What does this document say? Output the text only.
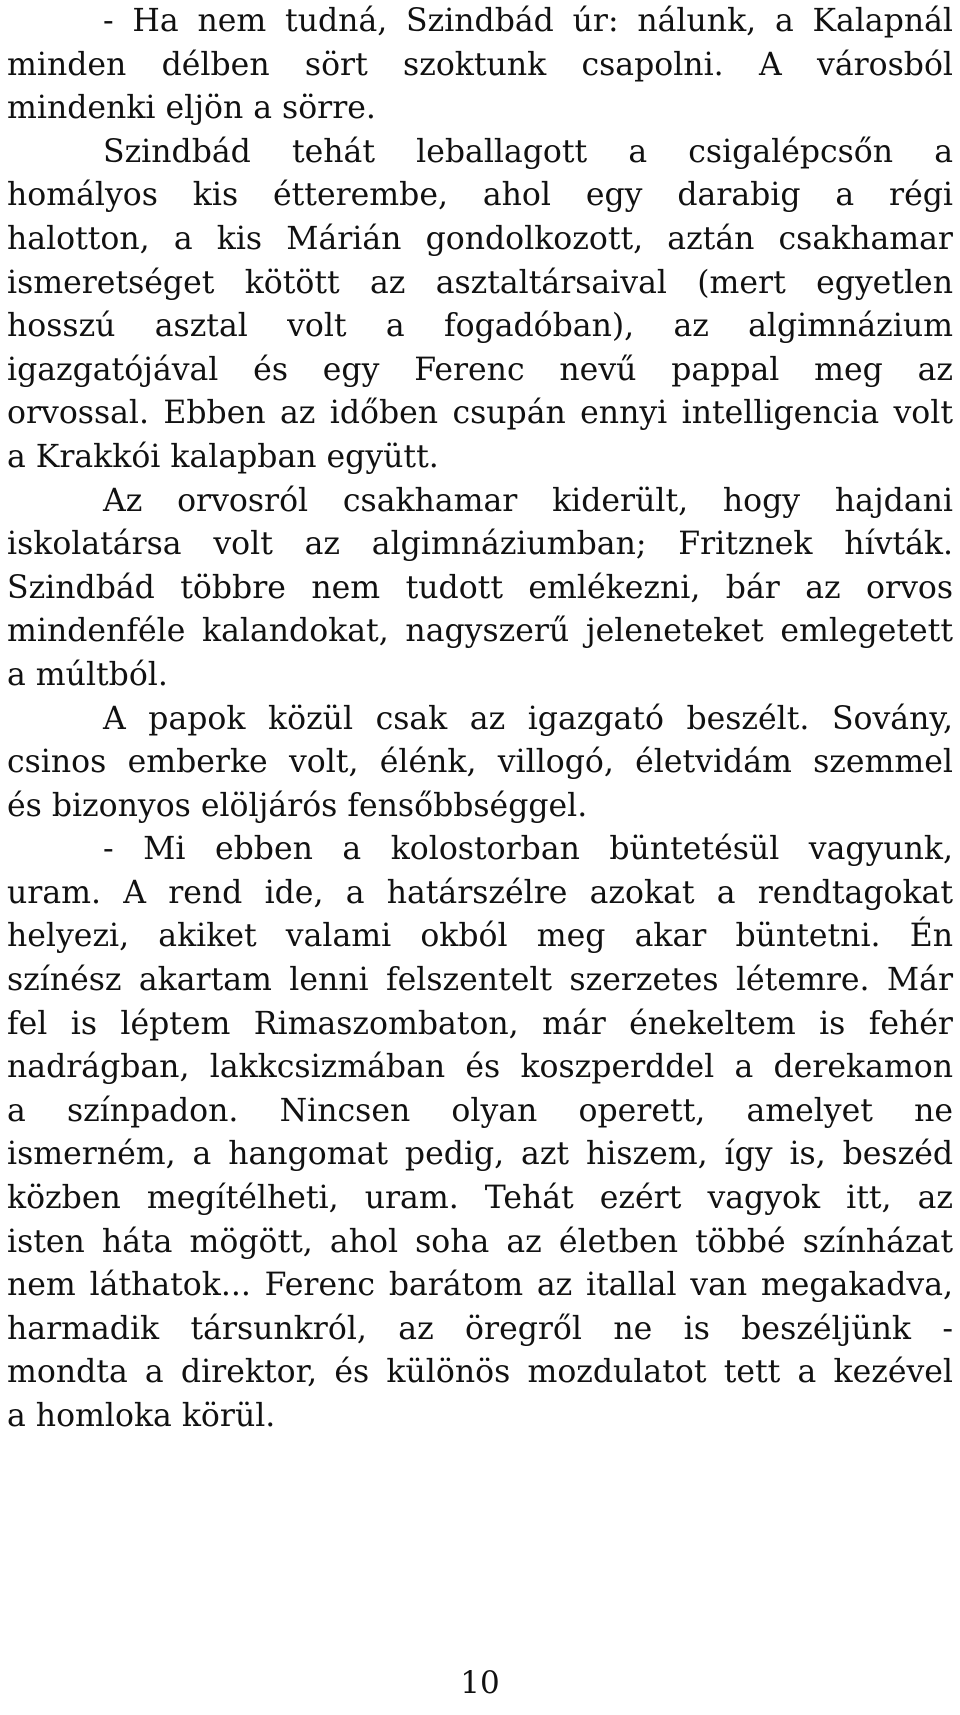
- Ha nem tudná, Szindbád úr: nálunk, a Kalapnál
minden délben sört szoktunk csapolni. A városból
mindenki eljön a sörre.
Szindbád tehát leballagott a csigalépcsőn a
homályos kis étterembe, ahol egy darabig a régi
halotton, a kis Márián gondolkozott, aztán csakhamar
ismeretséget kötött az asztaltársaival (mert egyetlen
hosszú asztal volt a fogadóban), az algimnázium
igazgatójával és egy Ferenc nevű pappal meg az
orvossal. Ebben az időben csupán ennyi intelligencia volt
a Krakkói kalapban együtt.
Az orvosról csakhamar kiderült, hogy hajdani
iskolatársa volt az algimnáziumban; Fritznek hívták.
Szindbád többre nem tudott emlékezni, bár az orvos
mindenféle kalandokat, nagyszerű jeleneteket emlegetett
a múltból.
A papok közül csak az igazgató beszélt. Sovány,
csinos emberke volt, élénk, villogó, életvidám szemmel
és bizonyos elöljárós fensőbbséggel.
- Mi ebben a kolostorban büntetésül vagyunk,
uram. A rend ide, a határszélre azokat a rendtagokat
helyezi, akiket valami okból meg akar büntetni. Én
színész akartam lenni felszentelt szerzetes létemre. Már
fel is léptem Rimaszombaton, már énekeltem is fehér
nadrágban, lakkcsizmában és koszperddel a derekamon
a színpadon. Nincsen olyan operett, amelyet ne
ismerném, a hangomat pedig, azt hiszem, így is, beszéd
közben megítélheti, uram. Tehát ezért vagyok itt, az
isten háta mögött, ahol soha az életben többé színházat
nem láthatok... Ferenc barátom az itallal van megakadva,
harmadik társunkról, az öregről ne is beszéljünk -
mondta a direktor, és különös mozdulatot tett a kezével
a homloka körül.
10
